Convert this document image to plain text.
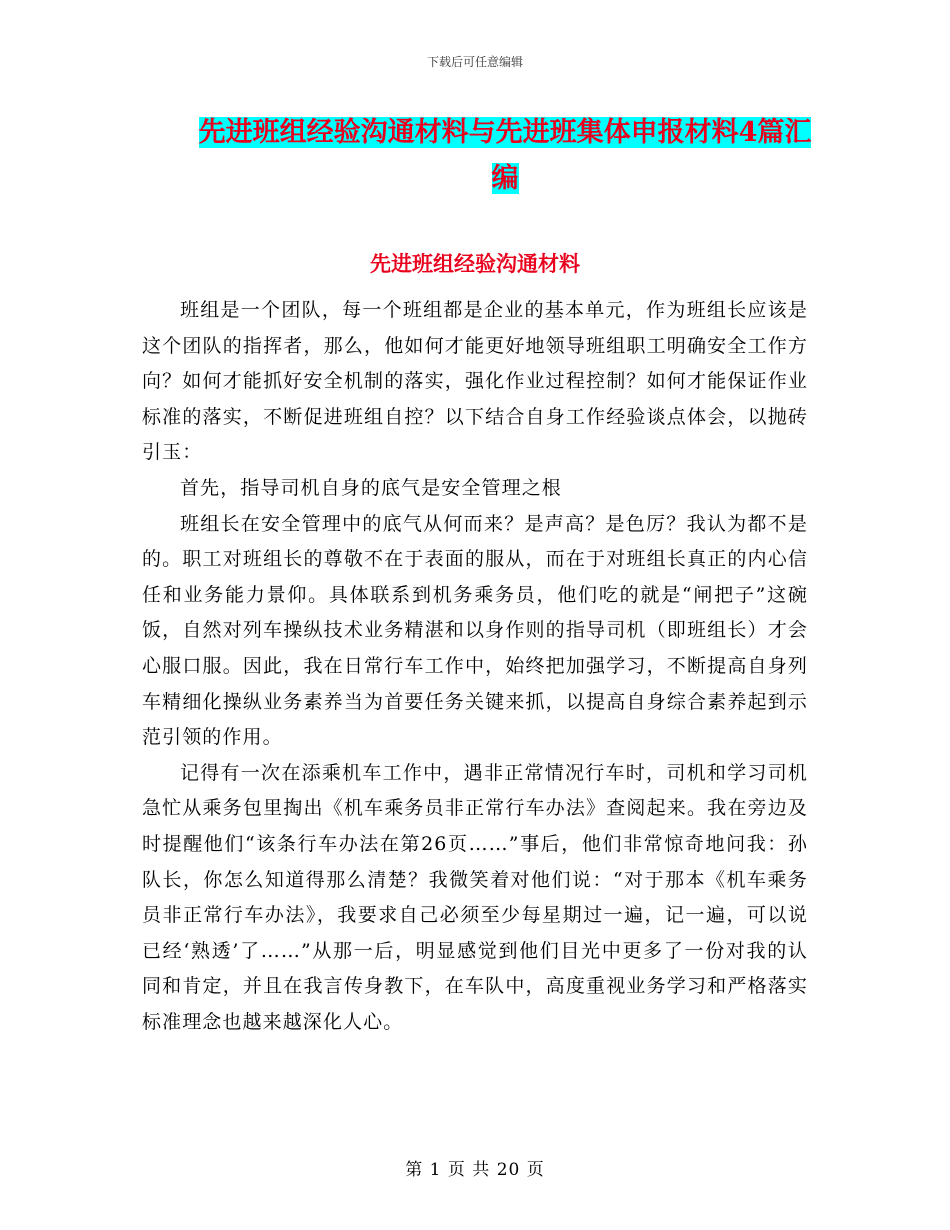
下载后可任意编辑
先进班组经验沟通材料与先进班集体申报材料4篇汇编
先进班组经验沟通材料

班组是一个团队，每一个班组都是企业的基本单元，作为班组长应该是这个团队的指挥者，那么，他如何才能更好地领导班组职工明确安全工作方向？如何才能抓好安全机制的落实，强化作业过程控制？如何才能保证作业标准的落实，不断促进班组自控？以下结合自身工作经验谈点体会，以抛砖引玉：

首先，指导司机自身的底气是安全管理之根

班组长在安全管理中的底气从何而来？是声高？是色厉？我认为都不是的。职工对班组长的尊敬不在于表面的服从，而在于对班组长真正的内心信任和业务能力景仰。具体联系到机务乘务员，他们吃的就是“闸把子”这碗饭，自然对列车操纵技术业务精湛和以身作则的指导司机（即班组长）才会心服口服。因此，我在日常行车工作中，始终把加强学习，不断提高自身列车精细化操纵业务素养当为首要任务关键来抓，以提高自身综合素养起到示范引领的作用。

记得有一次在添乘机车工作中，遇非正常情况行车时，司机和学习司机急忙从乘务包里掏出《机车乘务员非正常行车办法》查阅起来。我在旁边及时提醒他们“该条行车办法在第26页……”事后，他们非常惊奇地问我：孙队长，你怎么知道得那么清楚？我微笑着对他们说：“对于那本《机车乘务员非正常行车办法》，我要求自己必须至少每星期过一遍，记一遍，可以说已经‘熟透’了……”从那一后，明显感觉到他们目光中更多了一份对我的认同和肯定，并且在我言传身教下，在车队中，高度重视业务学习和严格落实标准理念也越来越深化人心。

第 1 页 共 20 页
